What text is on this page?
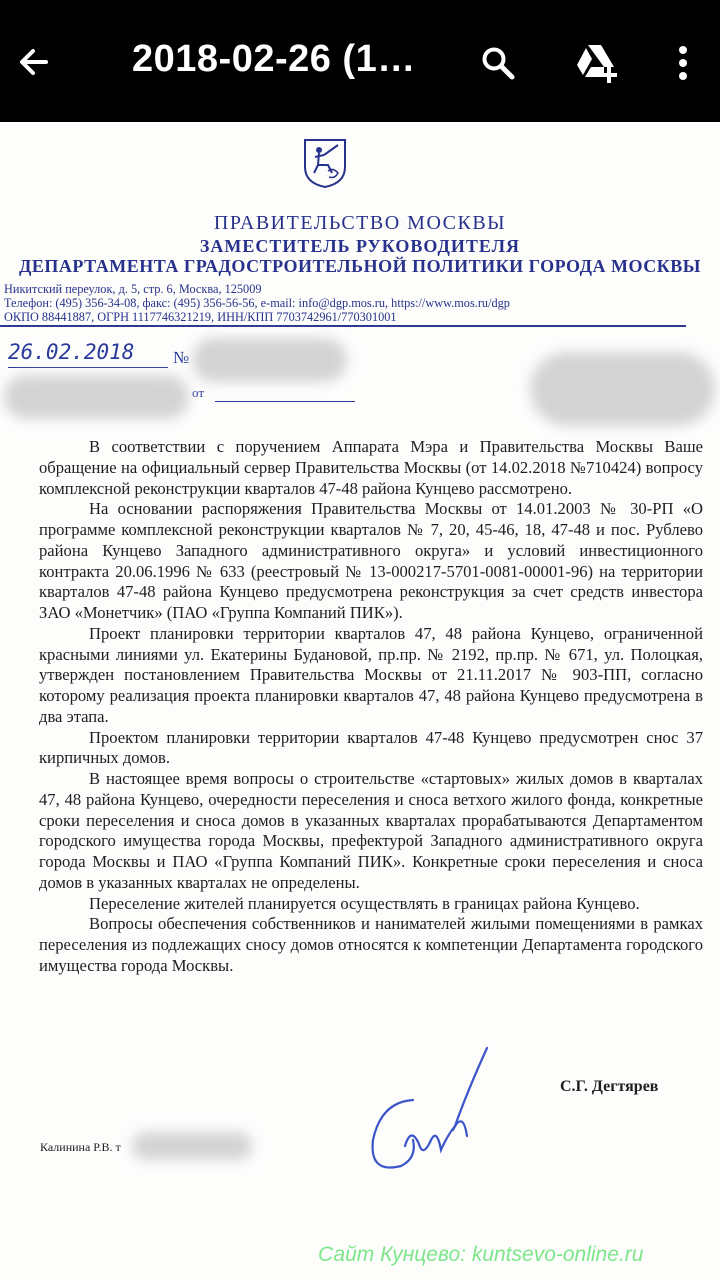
2018-02-26 (1…
ПРАВИТЕЛЬСТВО МОСКВЫ
ЗАМЕСТИТЕЛЬ РУКОВОДИТЕЛЯ
ДЕПАРТАМЕНТА ГРАДОСТРОИТЕЛЬНОЙ ПОЛИТИКИ ГОРОДА МОСКВЫ
Никитский переулок, д. 5, стр. 6, Москва, 125009
Телефон: (495) 356-34-08, факс: (495) 356-56-56, e-mail: info@dgp.mos.ru, https://www.mos.ru/dgp
ОКПО 88441887, ОГРН 1117746321219, ИНН/КПП 7703742961/770301001
26.02.2018 №
от

В соответствии с поручением Аппарата Мэра и Правительства Москвы Ваше обращение на официальный сервер Правительства Москвы (от 14.02.2018 №710424) вопросу комплексной реконструкции кварталов 47-48 района Кунцево рассмотрено.

На основании распоряжения Правительства Москвы от 14.01.2003 № 30-РП «О программе комплексной реконструкции кварталов № 7, 20, 45-46, 18, 47-48 и пос. Рублево района Кунцево Западного административного округа» и условий инвестиционного контракта 20.06.1996 № 633 (реестровый № 13-000217-5701-0081-00001-96) на территории кварталов 47-48 района Кунцево предусмотрена реконструкция за счет средств инвестора ЗАО «Монетчик» (ПАО «Группа Компаний ПИК»).

Проект планировки территории кварталов 47, 48 района Кунцево, ограниченной красными линиями ул. Екатерины Будановой, пр.пр. № 2192, пр.пр. № 671, ул. Полоцкая, утвержден постановлением Правительства Москвы от 21.11.2017 № 903-ПП, согласно которому реализация проекта планировки кварталов 47, 48 района Кунцево предусмотрена в два этапа.

Проектом планировки территории кварталов 47-48 Кунцево предусмотрен снос 37 кирпичных домов.

В настоящее время вопросы о строительстве «стартовых» жилых домов в кварталах 47, 48 района Кунцево, очередности переселения и сноса ветхого жилого фонда, конкретные сроки переселения и сноса домов в указанных кварталах прорабатываются Департаментом городского имущества города Москвы, префектурой Западного административного округа города Москвы и ПАО «Группа Компаний ПИК». Конкретные сроки переселения и сноса домов в указанных кварталах не определены.

Переселение жителей планируется осуществлять в границах района Кунцево.

Вопросы обеспечения собственников и нанимателей жилыми помещениями в рамках переселения из подлежащих сносу домов относятся к компетенции Департамента городского имущества города Москвы.

С.Г. Дегтярев
Калинина Р.В. т
Сайт Кунцево: kuntsevo-online.ru
